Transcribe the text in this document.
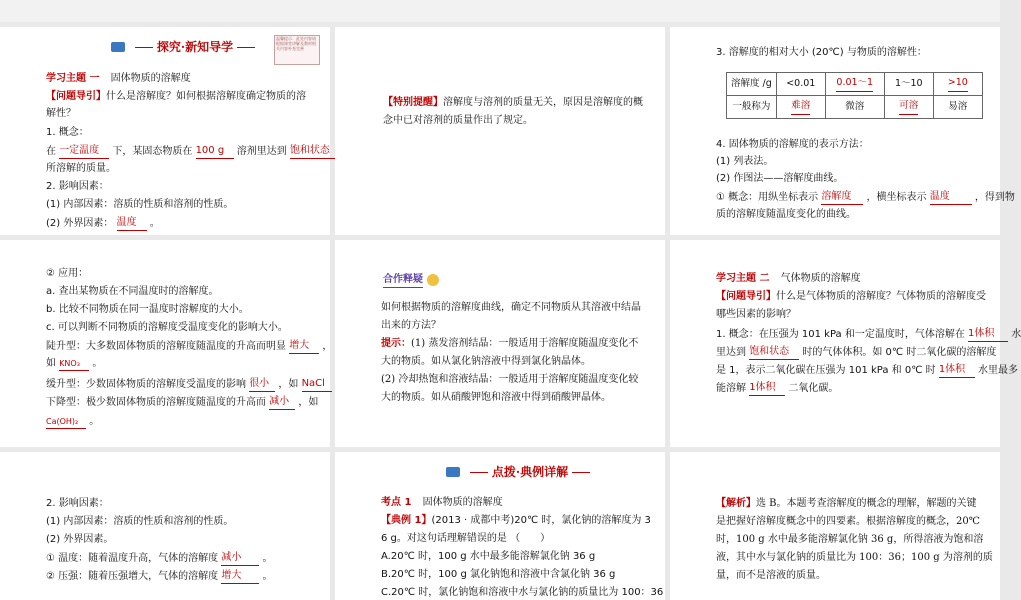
探究·新知导学
温馨提示：此处内容请根据课堂讲解及教材相关内容补充完善
学习主题 一 固体物质的溶解度
【问题导引】什么是溶解度？如何根据溶解度确定物质的溶
解性？
1. 概念：
在 一定温度 下，某固态物质在 100 g 溶剂里达到 饱和状态
所溶解的质量。
2. 影响因素：
(1) 内部因素：溶质的性质和溶剂的性质。
(2) 外界因素： 温度 。
【特别提醒】溶解度与溶剂的质量无关，原因是溶解度的概
念中已对溶剂的质量作出了规定。
3. 溶解度的相对大小 (20℃) 与物质的溶解性：
溶解度 /g	<0.01	0.01～1	1～10	>10
一般称为	难溶	微溶	可溶	易溶
4. 固体物质的溶解度的表示方法：
(1) 列表法。
(2) 作图法——溶解度曲线。
① 概念：用纵坐标表示 溶解度 ，横坐标表示 温度	，得到物
质的溶解度随温度变化的曲线。
② 应用：
a. 查出某物质在不同温度时的溶解度。
b. 比较不同物质在同一温度时溶解度的大小。
c. 可以判断不同物质的溶解度受温度变化的影响大小。
陡升型：大多数固体物质的溶解度随温度的升高而明显 增大 ，
如 KNO₃ 。
缓升型：少数固体物质的溶解度受温度的影响 很小 ，如 NaCl
下降型：极少数固体物质的溶解度随温度的升高而 减小 ，如
Ca(OH)₂ 。
合作释疑
如何根据物质的溶解度曲线，确定不同物质从其溶液中结晶
出来的方法？
提示：(1) 蒸发溶剂结晶：一般适用于溶解度随温度变化不
大的物质。如从氯化钠溶液中得到氯化钠晶体。
(2) 冷却热饱和溶液结晶：一般适用于溶解度随温度变化较
大的物质。如从硝酸钾饱和溶液中得到硝酸钾晶体。
学习主题 二 气体物质的溶解度
【问题导引】什么是气体物质的溶解度？气体物质的溶解度受
哪些因素的影响？
1. 概念：在压强为 101 kPa 和一定温度时，气体溶解在 1体积 水
里达到 饱和状态 时的气体体积。如 0℃ 时二氧化碳的溶解度
是 1，表示二氧化碳在压强为 101 kPa 和 0℃ 时 1体积 水里最多
能溶解 1体积 二氧化碳。
2. 影响因素：
(1) 内部因素：溶质的性质和溶剂的性质。
(2) 外界因素。
① 温度：随着温度升高，气体的溶解度 减小 。
② 压强：随着压强增大，气体的溶解度 增大 。
点拨·典例详解
考点 1 固体物质的溶解度
【典例 1】(2013 · 成都中考)20℃ 时，氯化钠的溶解度为 3
6 g。对这句话理解错误的是 （　　）
A.20℃ 时，100 g 水中最多能溶解氯化钠 36 g
B.20℃ 时，100 g 氯化钠饱和溶液中含氯化钠 36 g
C.20℃ 时，氯化钠饱和溶液中水与氯化钠的质量比为 100：36
【解析】选 B。本题考查溶解度的概念的理解，解题的关键
是把握好溶解度概念中的四要素。根据溶解度的概念，20℃
时，100 g 水中最多能溶解氯化钠 36 g，所得溶液为饱和溶
液，其中水与氯化钠的质量比为 100：36；100 g 为溶剂的质
量，而不是溶液的质量。
